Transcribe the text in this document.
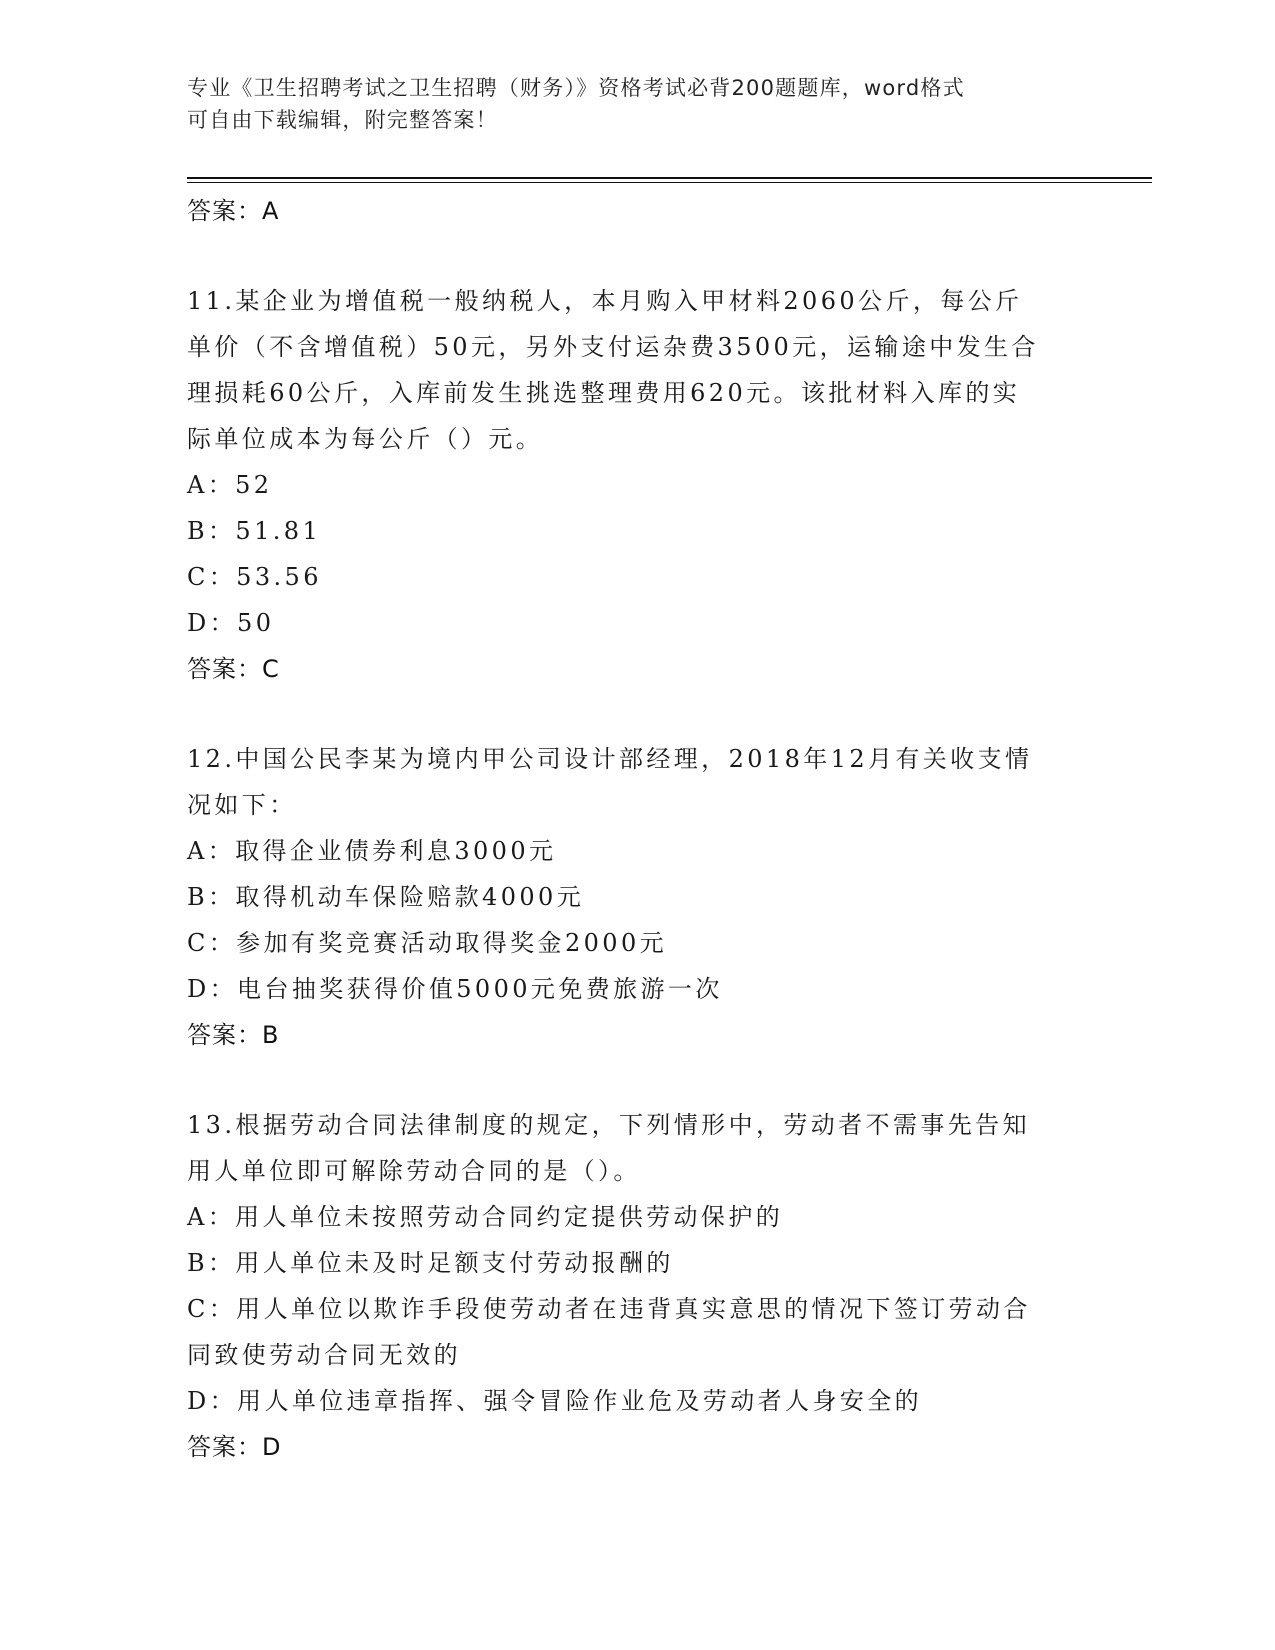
专业《卫生招聘考试之卫生招聘（财务）》资格考试必背200题题库，word格式
可自由下载编辑，附完整答案！
答案：A
11.某企业为增值税一般纳税人，本月购入甲材料2060公斤，每公斤
单价（不含增值税）50元，另外支付运杂费3500元，运输途中发生合
理损耗60公斤，入库前发生挑选整理费用620元。该批材料入库的实
际单位成本为每公斤（）元。
A：52
B：51.81
C：53.56
D：50
答案：C
12.中国公民李某为境内甲公司设计部经理，2018年12月有关收支情
况如下：
A：取得企业债券利息3000元
B：取得机动车保险赔款4000元
C：参加有奖竞赛活动取得奖金2000元
D：电台抽奖获得价值5000元免费旅游一次
答案：B
13.根据劳动合同法律制度的规定，下列情形中，劳动者不需事先告知
用人单位即可解除劳动合同的是（）。
A：用人单位未按照劳动合同约定提供劳动保护的
B：用人单位未及时足额支付劳动报酬的
C：用人单位以欺诈手段使劳动者在违背真实意思的情况下签订劳动合
同致使劳动合同无效的
D：用人单位违章指挥、强令冒险作业危及劳动者人身安全的
答案：D
